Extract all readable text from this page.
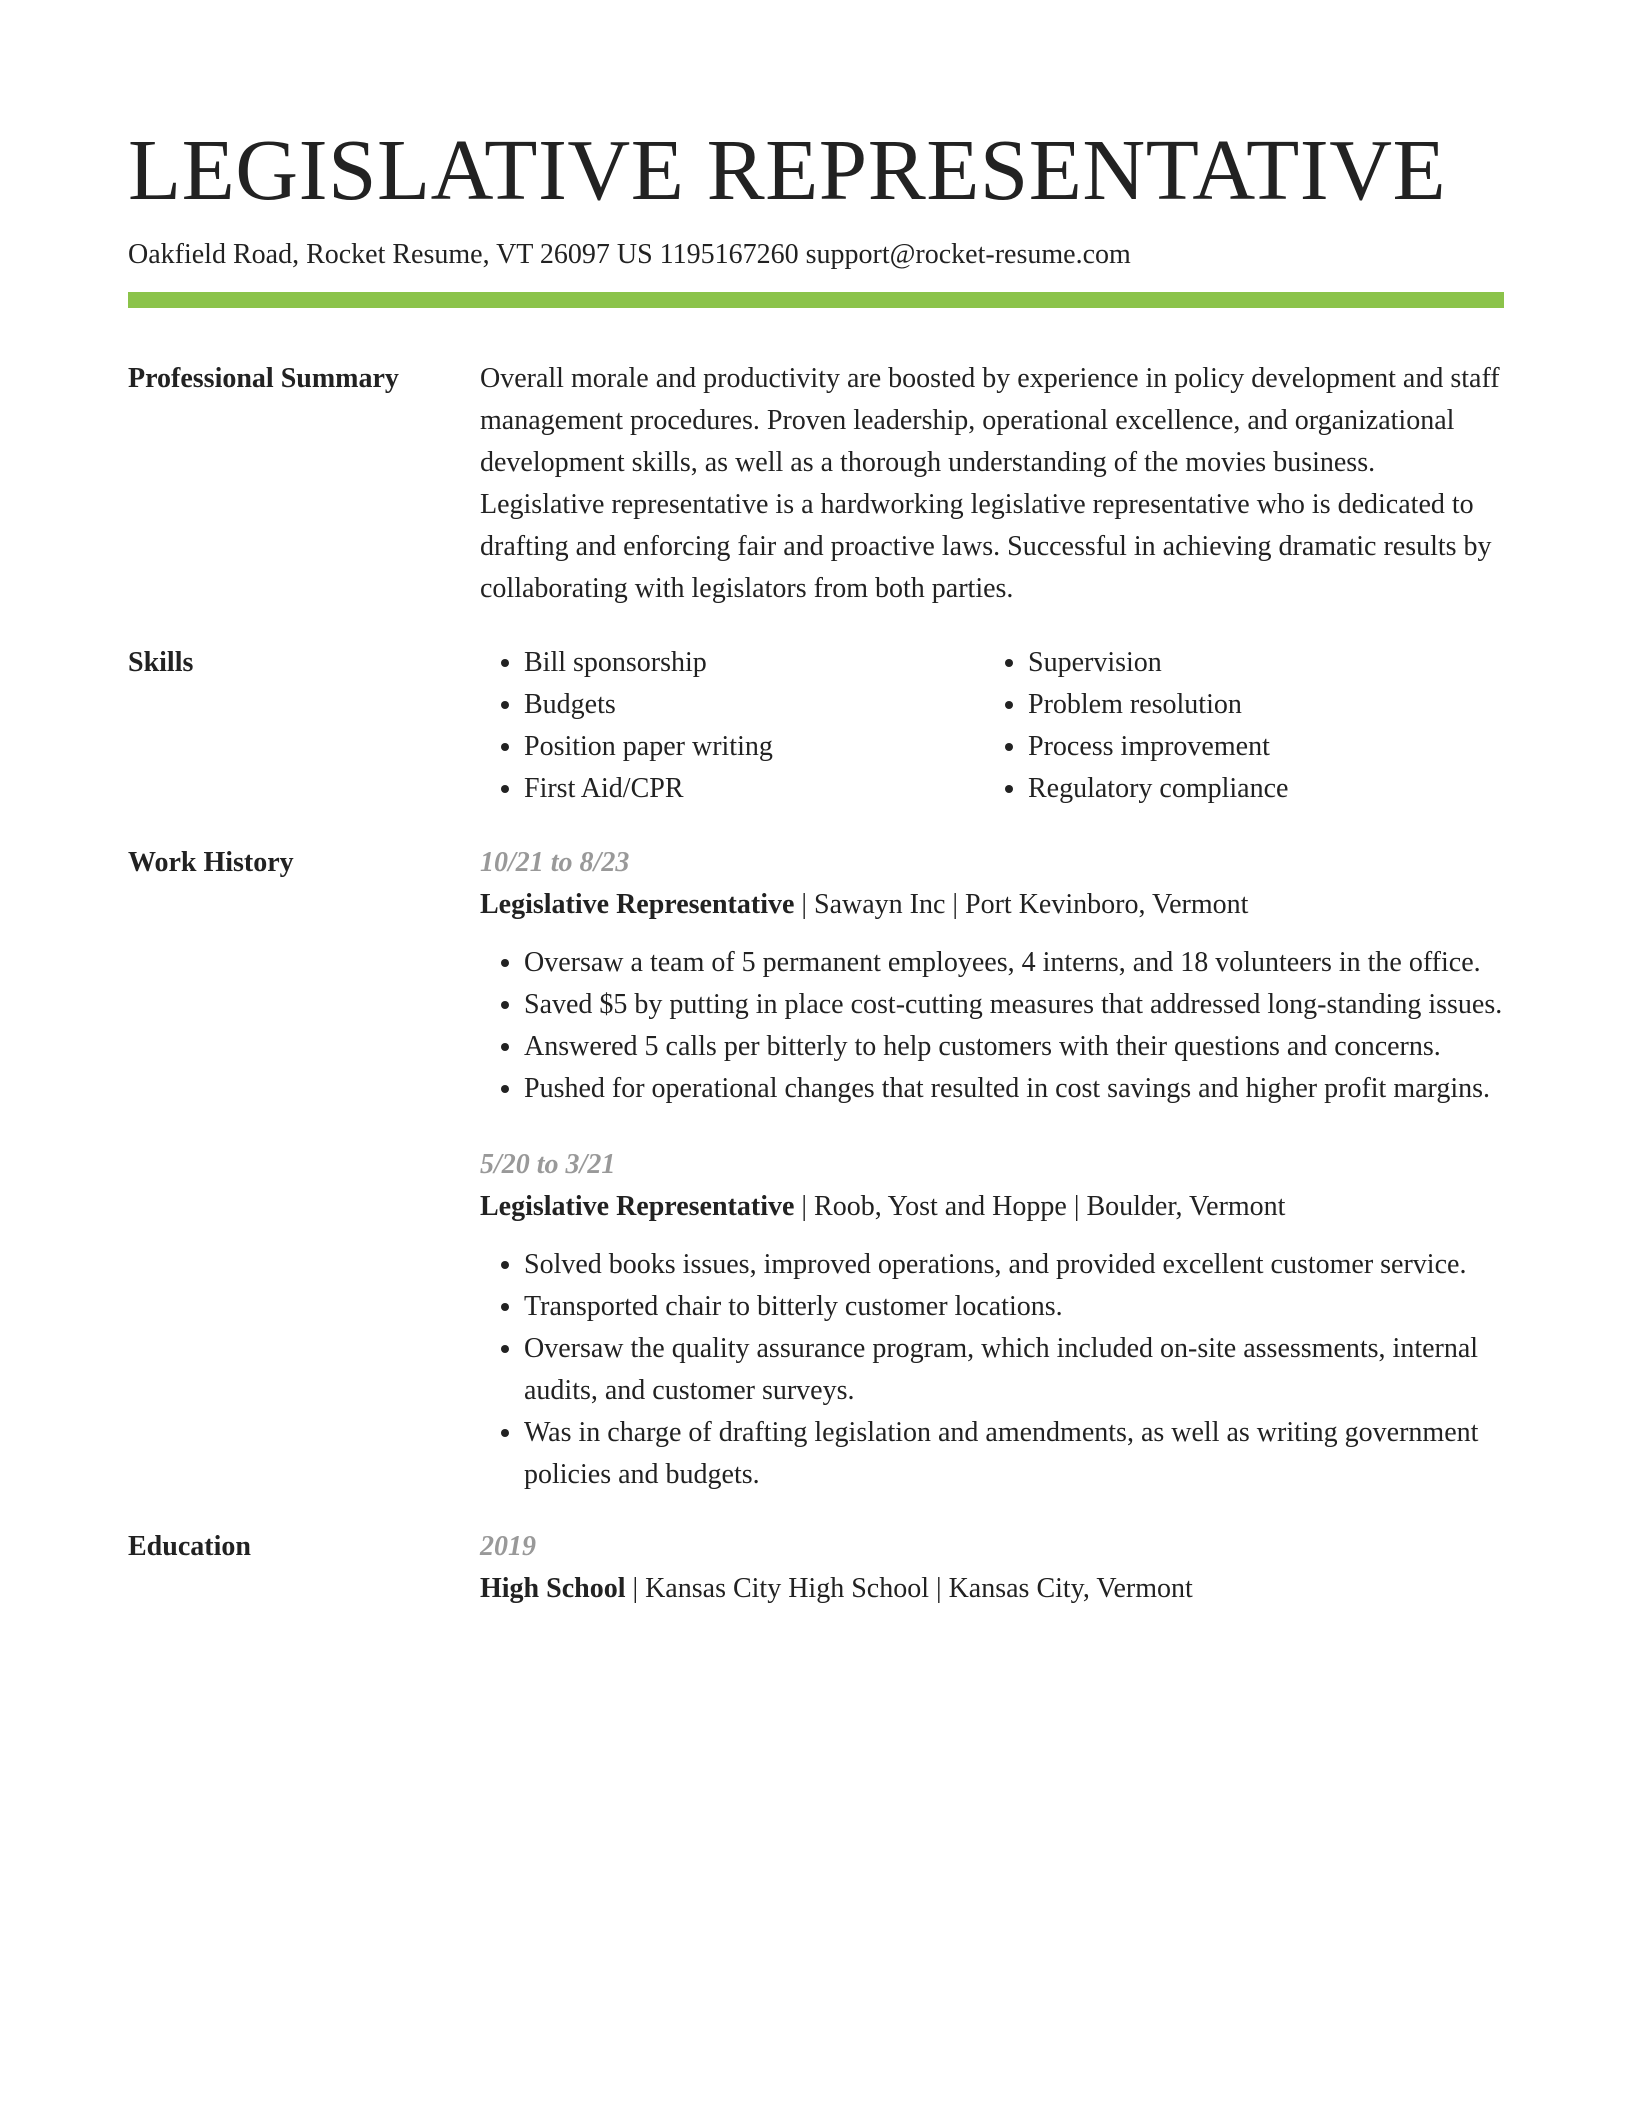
LEGISLATIVE REPRESENTATIVE
Oakfield Road, Rocket Resume, VT 26097 US 1195167260 support@rocket-resume.com
Professional Summary	Overall morale and productivity are boosted by experience in policy development and staff management procedures. Proven leadership, operational excellence, and organizational development skills, as well as a thorough understanding of the movies business. Legislative representative is a hardworking legislative representative who is dedicated to drafting and enforcing fair and proactive laws. Successful in achieving dramatic results by collaborating with legislators from both parties.

Skills
•	Bill sponsorship
• Budgets
• Position paper writing
• First Aid/CPR
• Supervision
• Problem resolution
• Process improvement
• Regulatory compliance
Work History	10/21 to 8/23
Legislative Representative | Sawayn Inc | Port Kevinboro, Vermont
• Oversaw a team of 5 permanent employees, 4 interns, and 18 volunteers in the office.
• Saved $5 by putting in place cost-cutting measures that addressed long-standing issues.
• Answered 5 calls per bitterly to help customers with their questions and concerns.
• Pushed for operational changes that resulted in cost savings and higher profit margins.
5/20 to 3/21
Legislative Representative | Roob, Yost and Hoppe | Boulder, Vermont
• Solved books issues, improved operations, and provided excellent customer service.
• Transported chair to bitterly customer locations.
• Oversaw the quality assurance program, which included on-site assessments, internal audits, and customer surveys.
• Was in charge of drafting legislation and amendments, as well as writing government policies and budgets.
Education	2019
High School | Kansas City High School | Kansas City, Vermont
